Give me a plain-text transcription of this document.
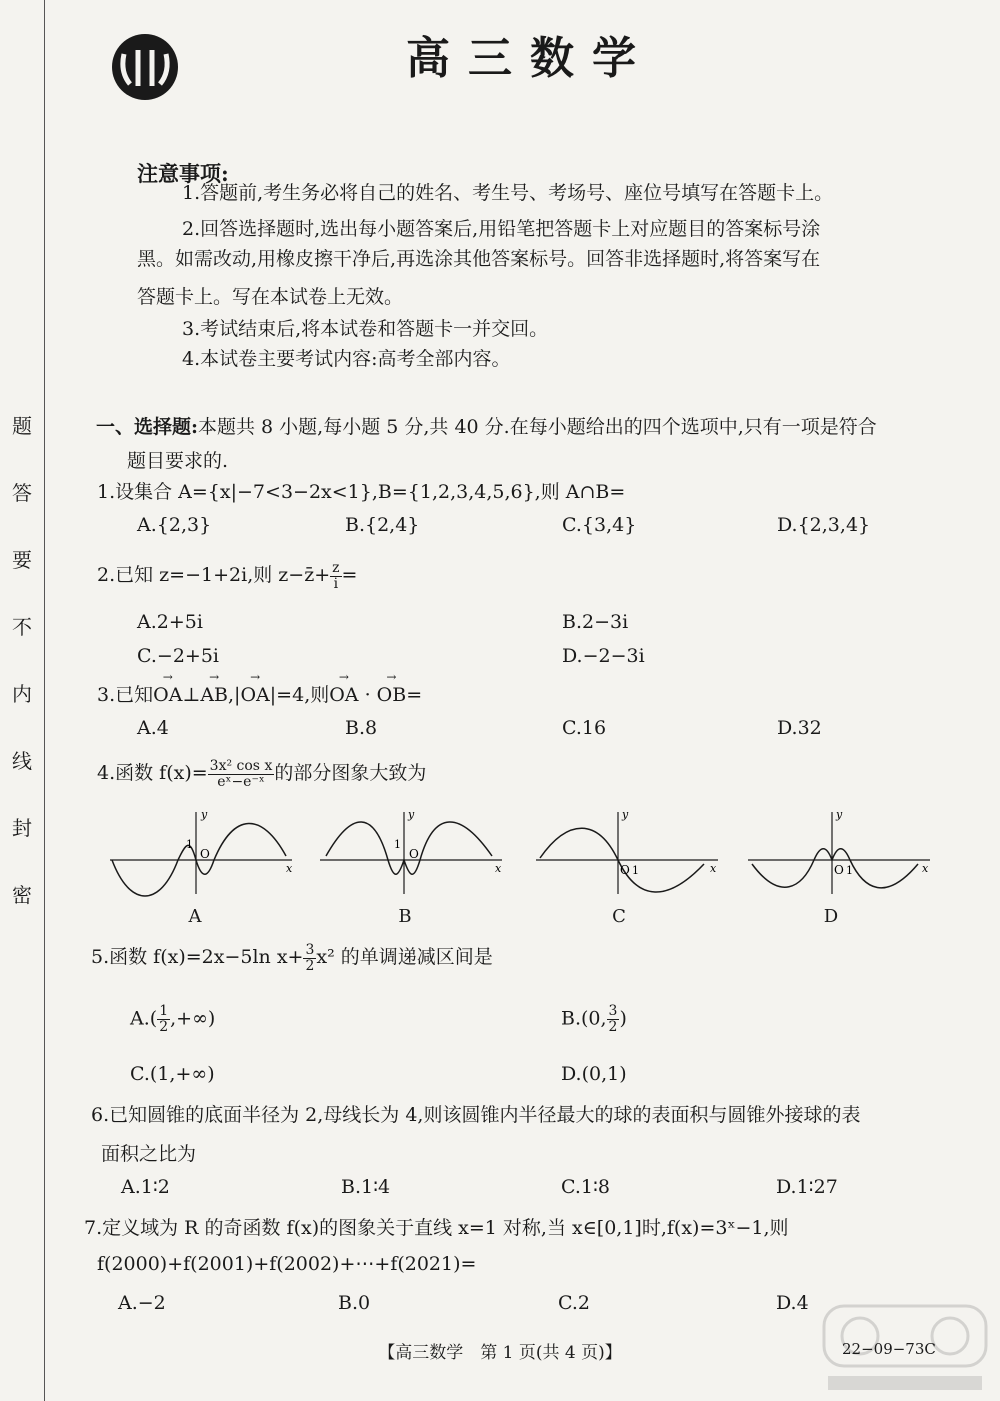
题
答
要
不
内
线
封
密
高三数学
注意事项:
1.答题前,考生务必将自己的姓名、考生号、考场号、座位号填写在答题卡上。
2.回答选择题时,选出每小题答案后,用铅笔把答题卡上对应题目的答案标号涂
黑。如需改动,用橡皮擦干净后,再选涂其他答案标号。回答非选择题时,将答案写在
答题卡上。写在本试卷上无效。
3.考试结束后,将本试卷和答题卡一并交回。
4.本试卷主要考试内容:高考全部内容。
一、选择题:本题共 8 小题,每小题 5 分,共 40 分.在每小题给出的四个选项中,只有一项是符合
题目要求的.
1.设集合 A={x|−7<3−2x<1},B={1,2,3,4,5,6},则 A∩B=
A.{2,3}	B.{2,4}	C.{3,4}	D.{2,3,4}
2.已知 z=−1+2i,则 z−z̄+ $\frac{z}{i}$ =
A.2+5i	B.2−3i
C.−2+5i	D.−2−3i
3.已知→ OA⊥→ AB,|→ OA|=4,则→ OA · → OB=
A.4	B.8	C.16	D.32
4.函数 $f(x)= \frac{\text{3x² cos x}}{\text{eˣ−e⁻ˣ}}$ 的部分图象大致为
y
x
O
1
A
y
x
O
1
B
y
x
O 1
C
y
x
O 1
D
5.函数 f(x)=2x−5ln $x+ \frac{3}{2} x^2$ 的单调递减区间是
$A.( \frac{1}{2}$ ,+∞)	B.(0, $\frac{3}{2}$ )
C.(1,+∞)	D.(0,1)
6.已知圆锥的底面半径为 2,母线长为 4,则该圆锥内半径最大的球的表面积与圆锥外接球的表
面积之比为
A.1∶2	B.1∶4	C.1∶8	D.1∶27
7.定义域为 R 的奇函数 f(x)的图象关于直线 x=1 对称,当 x∈[0,1]时,f(x)=3ˣ−1,则
f(2000)+f(2001)+f(2002)+⋯+f(2021)=
A.−2	B.0	C.2	D.4
【高三数学　第 1 页(共 4 页)】	22−09−73C
